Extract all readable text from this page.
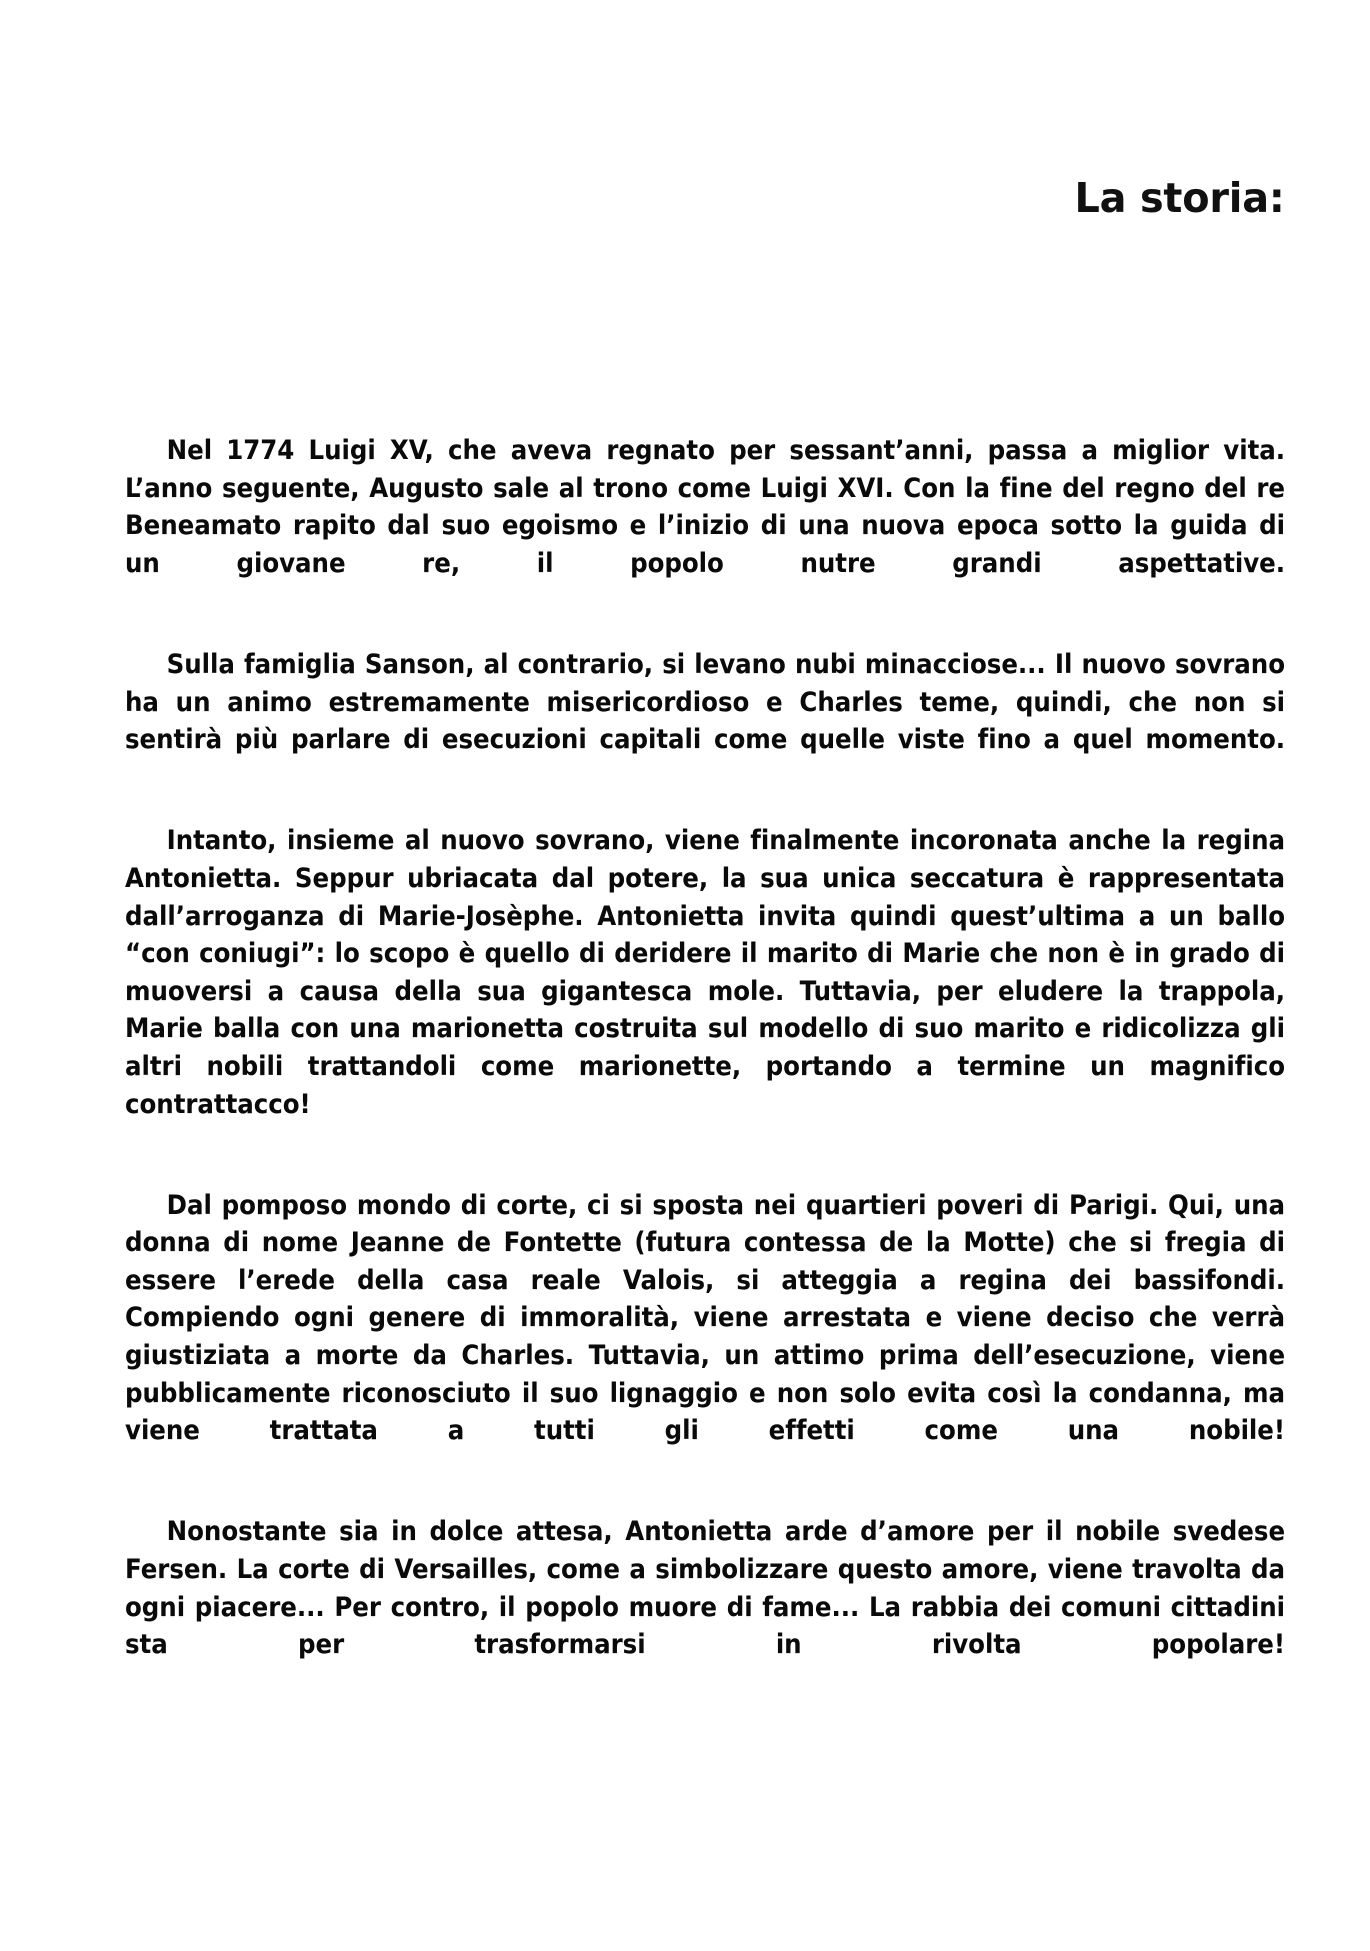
La storia:

Nel 1774 Luigi XV, che aveva regnato per sessant’anni, passa a miglior vita. L’anno seguente, Augusto sale al trono come Luigi XVI. Con la fine del regno del re Beneamato rapito dal suo egoismo e l’inizio di una nuova epoca sotto la guida di un giovane re, il popolo nutre grandi aspettative.

Sulla famiglia Sanson, al contrario, si levano nubi minacciose... Il nuovo sovrano ha un animo estremamente misericordioso e Charles teme, quindi, che non si sentirà più parlare di esecuzioni capitali come quelle viste fino a quel momento.

Intanto, insieme al nuovo sovrano, viene finalmente incoronata anche la regina Antonietta. Seppur ubriacata dal potere, la sua unica seccatura è rappresentata dall’arroganza di Marie-Josèphe. Antonietta invita quindi quest’ultima a un ballo “con coniugi”: lo scopo è quello di deridere il marito di Marie che non è in grado di muoversi a causa della sua gigantesca mole. Tuttavia, per eludere la trappola, Marie balla con una marionetta costruita sul modello di suo marito e ridicolizza gli altri nobili trattandoli come marionette, portando a termine un magnifico contrattacco!

Dal pomposo mondo di corte, ci si sposta nei quartieri poveri di Parigi. Qui, una donna di nome Jeanne de Fontette (futura contessa de la Motte) che si fregia di essere l’erede della casa reale Valois, si atteggia a regina dei bassifondi. Compiendo ogni genere di immoralità, viene arrestata e viene deciso che verrà giustiziata a morte da Charles. Tuttavia, un attimo prima dell’esecuzione, viene pubblicamente riconosciuto il suo lignaggio e non solo evita così la condanna, ma viene trattata a tutti gli effetti come una nobile!

Nonostante sia in dolce attesa, Antonietta arde d’amore per il nobile svedese Fersen. La corte di Versailles, come a simbolizzare questo amore, viene travolta da ogni piacere... Per contro, il popolo muore di fame... La rabbia dei comuni cittadini sta per trasformarsi in rivolta popolare!
